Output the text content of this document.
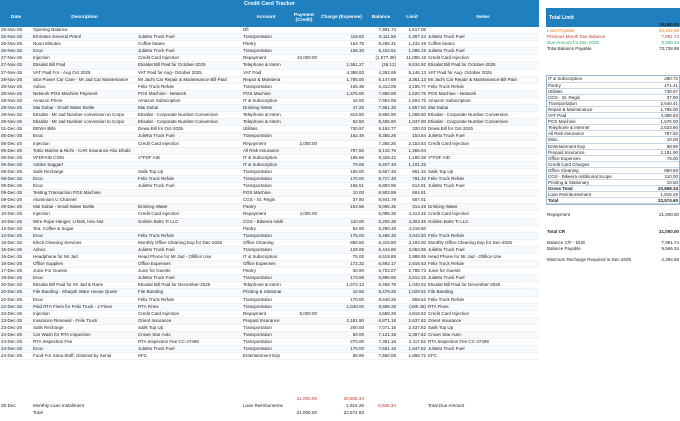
Credit Card Tracker
Date	Description	Account	Payment (Credit)	Charge (Expense)	Balance	Limit	Notes
25-Nov-25	Opening Balance		Dfl			7,991.74	1,517.06	
25-Nov-25	Emirates General Petrol	Julietto Truck Fuel	Transportation		119.82	8,111.56	1,397.24	Julietto Truck Fuel
26-Nov-25	Nooo Minutes	Coffee beans	Pantry		154.75	8,266.31	1,242.49	Coffee beans
26-Nov-25	Enoc	Julietto Truck Fuel	Transportation		156.30	8,422.61	1,086.19	Julietto Truck Fuel
27-Nov-25	Injection	Credit Card Injection	Repayment	10,000.00		(1,577.39)	11,086.19	Credit Card Injection
27-Nov-25	Etisalat Bill Paid	Etisalat Bill Paid for October-2025	Telephone & Intern		1,551.27	(26.12)	9,534.92	Etisalat Bill Paid for October-2025
27-Nov-25	VAT Paid For - Aug Oct 2025	VAT Paid for Aug- October 2025	VAT Paid		4,388.83	4,362.69	5,146.13	VAT Paid for Aug- October 2025
28-Nov-25	Star Power Car Care - Mr Jad Car Maintenance	Mr Jad's Car Repair & Maintenance Bill Paid	Repair & Maintena		1,785.00	6,147.69	3,361.13	Mr Jad's Car Repair & Maintenance Bill Paid
28-Nov-25	Adnoc	Felix Truck Refule	Transportation		165.36	6,313.05	3,195.77	Felix Truck Refule
28-Nov-25	Network POS Machine Payment	POS Machine - Network	POS Machine		1,575.00	7,888.05	1,620.75	POS Machine - Network
28-Nov-25	Amazon Prime	Amazon Subscription	IT & Subscription		16.00	7,904.05	1,604.75	Amazon Subscription
29-Nov-25	Mai Dubai - Small Water Bottle	Mai Dubai	Drinking Water		47.25	7,951.30	1,557.50	Mai Dubai
29-Nov-25	Etisalat - Mr Jad Number conversion to Corpo	Etisalat - Corporate Number Conversion	Telephone & Intern		914.60	8,865.90	1,099.50	Etisalat - Corporate Number Conversion
29-Nov-25	Etisalat - Mr Jad Number conversion to Corpo	Etisalat - Corporate Number Conversion	Telephone & Intern		52.50	8,465.80	1,047.00	Etisalat - Corporate Number Conversion
01-Dec-25	DEWA Bills	Dewa Bill for Oct-2025	Utilities		730.97	9,192.77	320.03	Dewa Bill for Oct-2025
05-Dec-25	Enoc	Julietto Truck Fuel	Transportation		162.49	9,355.26	153.54	Julietto Truck Fuel
06-Dec-25	Injection	Credit Card Injection	Repayment	2,000.00		7,355.26	2,153.54	Credit Card Injection
06-Dec-25	Tokio Marine & Nichi - CAR Insurance Abu Dhabi		All Risk Insurance		787.50	8,142.76	1,366.04	
06-Dec-25	VFDFAID.COM	V*FDF AID	IT & Subscription		185.66	8,328.42	1,180.38	V*FDF AID
06-Dec-25	Adobe Saggart		IT & Subscription		79.06	8,407.48	1,101.32	
08-Dec-25	Salik Recharge	Salik Top Up	Transportation		150.00	8,557.48	951.32	Salik Top Up
08-Dec-25	Enoc	Felix Truck Refule	Transportation		170.00	8,727.48	781.32	Felix Truck Refule
09-Dec-25	Enoc	Julietto Truck Fuel	Transportation		166.51	8,893.99	614.81	Julietto Truck Fuel
09-Dec-25	Testing Transaction POS Machine		POS Machine		10.00	8,903.99	604.81	
09-Dec-25	Aluminium U Channel		CGS - St. Regis		37.80	8,941.79	567.01	
09-Dec-25	Mai Dubai - Small Water Bottle	Drinking Water	Pantry		153.56	9,095.35	413.45	Drinking Water
10-Dec-25	Injection	Credit Card Injection	Repayment	4,000.00		5,095.35	4,413.45	Credit Card Injection
10-Dec-25	Wire Rope Hanger, U Bolt, Hex Nut	Golden Bolts Tr LLC	CGS - Bikeera Addit		110.00	5,205.35	4,303.45	Golden Bolts Tr LLC
12-Dec-25	Tea, Coffee & Sugar		Pantry		84.95	5,290.30	4,218.50	
12-Dec-25	Enoc	Felix Truck Refule	Transportation		175.00	5,465.30	4,043.50	Felix Truck Refule
15-Dec-25	Electi Cleaning Services	Monthly Office Cleaning Exp for Dec-2025	Office Cleaning		850.50	6,315.80	3,193.00	Monthly Office Cleaning Exp for Dec-2025
15-Dec-25	Adnoc	Julietto Truck Fuel	Transportation		129.05	6,444.85	3,063.95	Julietto Truck Fuel
16-Dec-25	Headphone for Mr Jad	Head Phone for Mr Jad - Ollifice Use	IT & Subscription		75.00	6,519.85	2,988.95	Head Phone for Mr Jad - Ollifice Use
16-Dec-25	Office Supplies	Office Expenses	Office Expenses		172.32	6,692.17	2,816.63	Felix Truck Refule
17-Dec-25	Juice For Guests	Juice for Guests	Pantry		30.90	6,723.07	2,785.73	Juice for Guests
19-Dec-25	Enoc	Julietto Truck Fuel	Transportation		173.58	6,896.65	2,612.15	Julietto Truck Fuel
20-Dec-25	Etisalat Bill Paid for Mr Jad & Rane	Etisalat Bill Paid for December-2025	Telephone & Intern		1,572.13	8,468.78	1,040.02	Etisalat Bill Paid for December-2025
20-Dec-25	File Banding - Sharjah Ware House Quote	File Banding	Printing & Stationar		10.50	8,479.28	1,029.52	File Banding
22-Dec-25	Enoc	Felix Truck Refule	Transportation		170.00	8,649.28	859.52	Felix Truck Refule
22-Dec-25	Paid RTA Fines for Felix Truck - 2 Fines	RTA Fines	Transportation		1,040.00	9,689.28	(180.48)	RTA Fines
23-Dec-25	Injection	Credit Card Injection	Repayment	5,000.00		4,689.28	4,819.52	Credit Card Injection
23-Dec-25	Insurance Renewal - Felix Truck	Orient Insurance	Prepaid Insurance		2,181.90	6,871.18	2,637.62	Orient Insurance
23-Dec-25	Salik Recharge	Salik Top Up	Transportation		200.00	7,071.18	2,437.62	Salik Top Up
24-Dec-25	Car Wash for RTA Inspection	Crown Star Auto	Transportation		50.00	7,121.18	2,387.62	Crown Star Auto
24-Dec-25	RTA Inspection Fee	RTA Inspection Fee CC-47498	Transportation		270.00	7,391.18	2,117.62	RTA Inspection Fee CC-47498
24-Dec-25	Enoc	Julietto Truck Fuel	Transportation		170.00	7,561.18	1,947.62	Julietto Truck Fuel
24-Dec-25	Food For Xana Staff, Ordered by Xenia	KFC	Entertainment Exp		88.90	7,650.08	1,858.72	KFC
				21,000.00	20,658.34			
25-Dec	Monthly Loan Installment		Loan Reimburseme		1,916.26	9,566.34		Total Due Amount
	Total			21,000.00	22,574.60			
Total Limit
15,000.00
Loan Payable	64,162.65
Previous Month Due Balance	7,991.74
Due Amount for Dec-2025	9,566.34
Total Balance Payable	73,728.99
IT & Subscription	280.72
Pantry	471.41
Utilities	730.97
CGS - St. Regis	37.80
Transportation	3,640.41
Repair & Maintenance	1,785.00
VAT Paid	4,388.83
POS Machine	1,575.00
Telephone & Internet	2,633.90
All Risk Insurance	787.50
Misc.	10.00
Entertainment Exp	88.90
Prepaid Insurance	2,181.90
Office Expenses	75.00
Credit Card Charges
Office Cleaning	850.50
CGS - Bikeera Additional Scope	110.00
Printing & Stationary	10.50
Gross Total	20,658.34
Loan Reimbursement	1,916.26
Total	22,574.60
Repayment	21,000.00
Total CR	21,000.00
Balance C/F - DUE	7,991.74
Balance Payable	9,566.34
Minimum Recharge Required in Dec-2025	2,394.58
